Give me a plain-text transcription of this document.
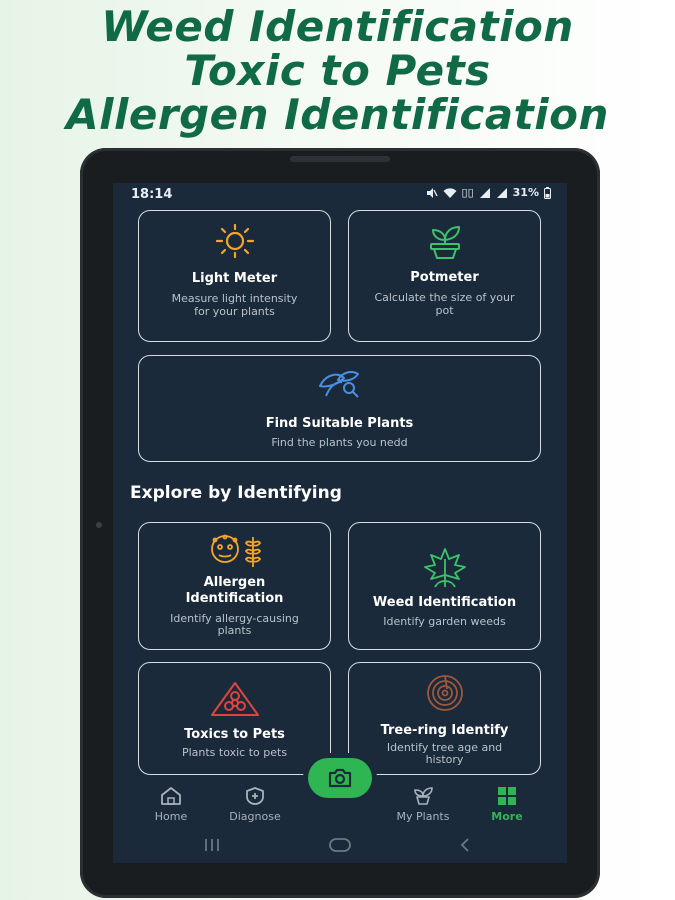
Weed Identification
Toxic to Pets
Allergen Identification
18:14	▯▯	31%
Light Meter
Measure light intensity for your plants
Potmeter
Calculate the size of your pot
Find Suitable Plants
Find the plants you nedd
Explore by Identifying
Allergen Identification
Identify allergy-causing plants
Weed Identification
Identify garden weeds
Toxics to Pets
Plants toxic to pets
Tree-ring Identify
Identify tree age and history
Home	Diagnose	My Plants	More
